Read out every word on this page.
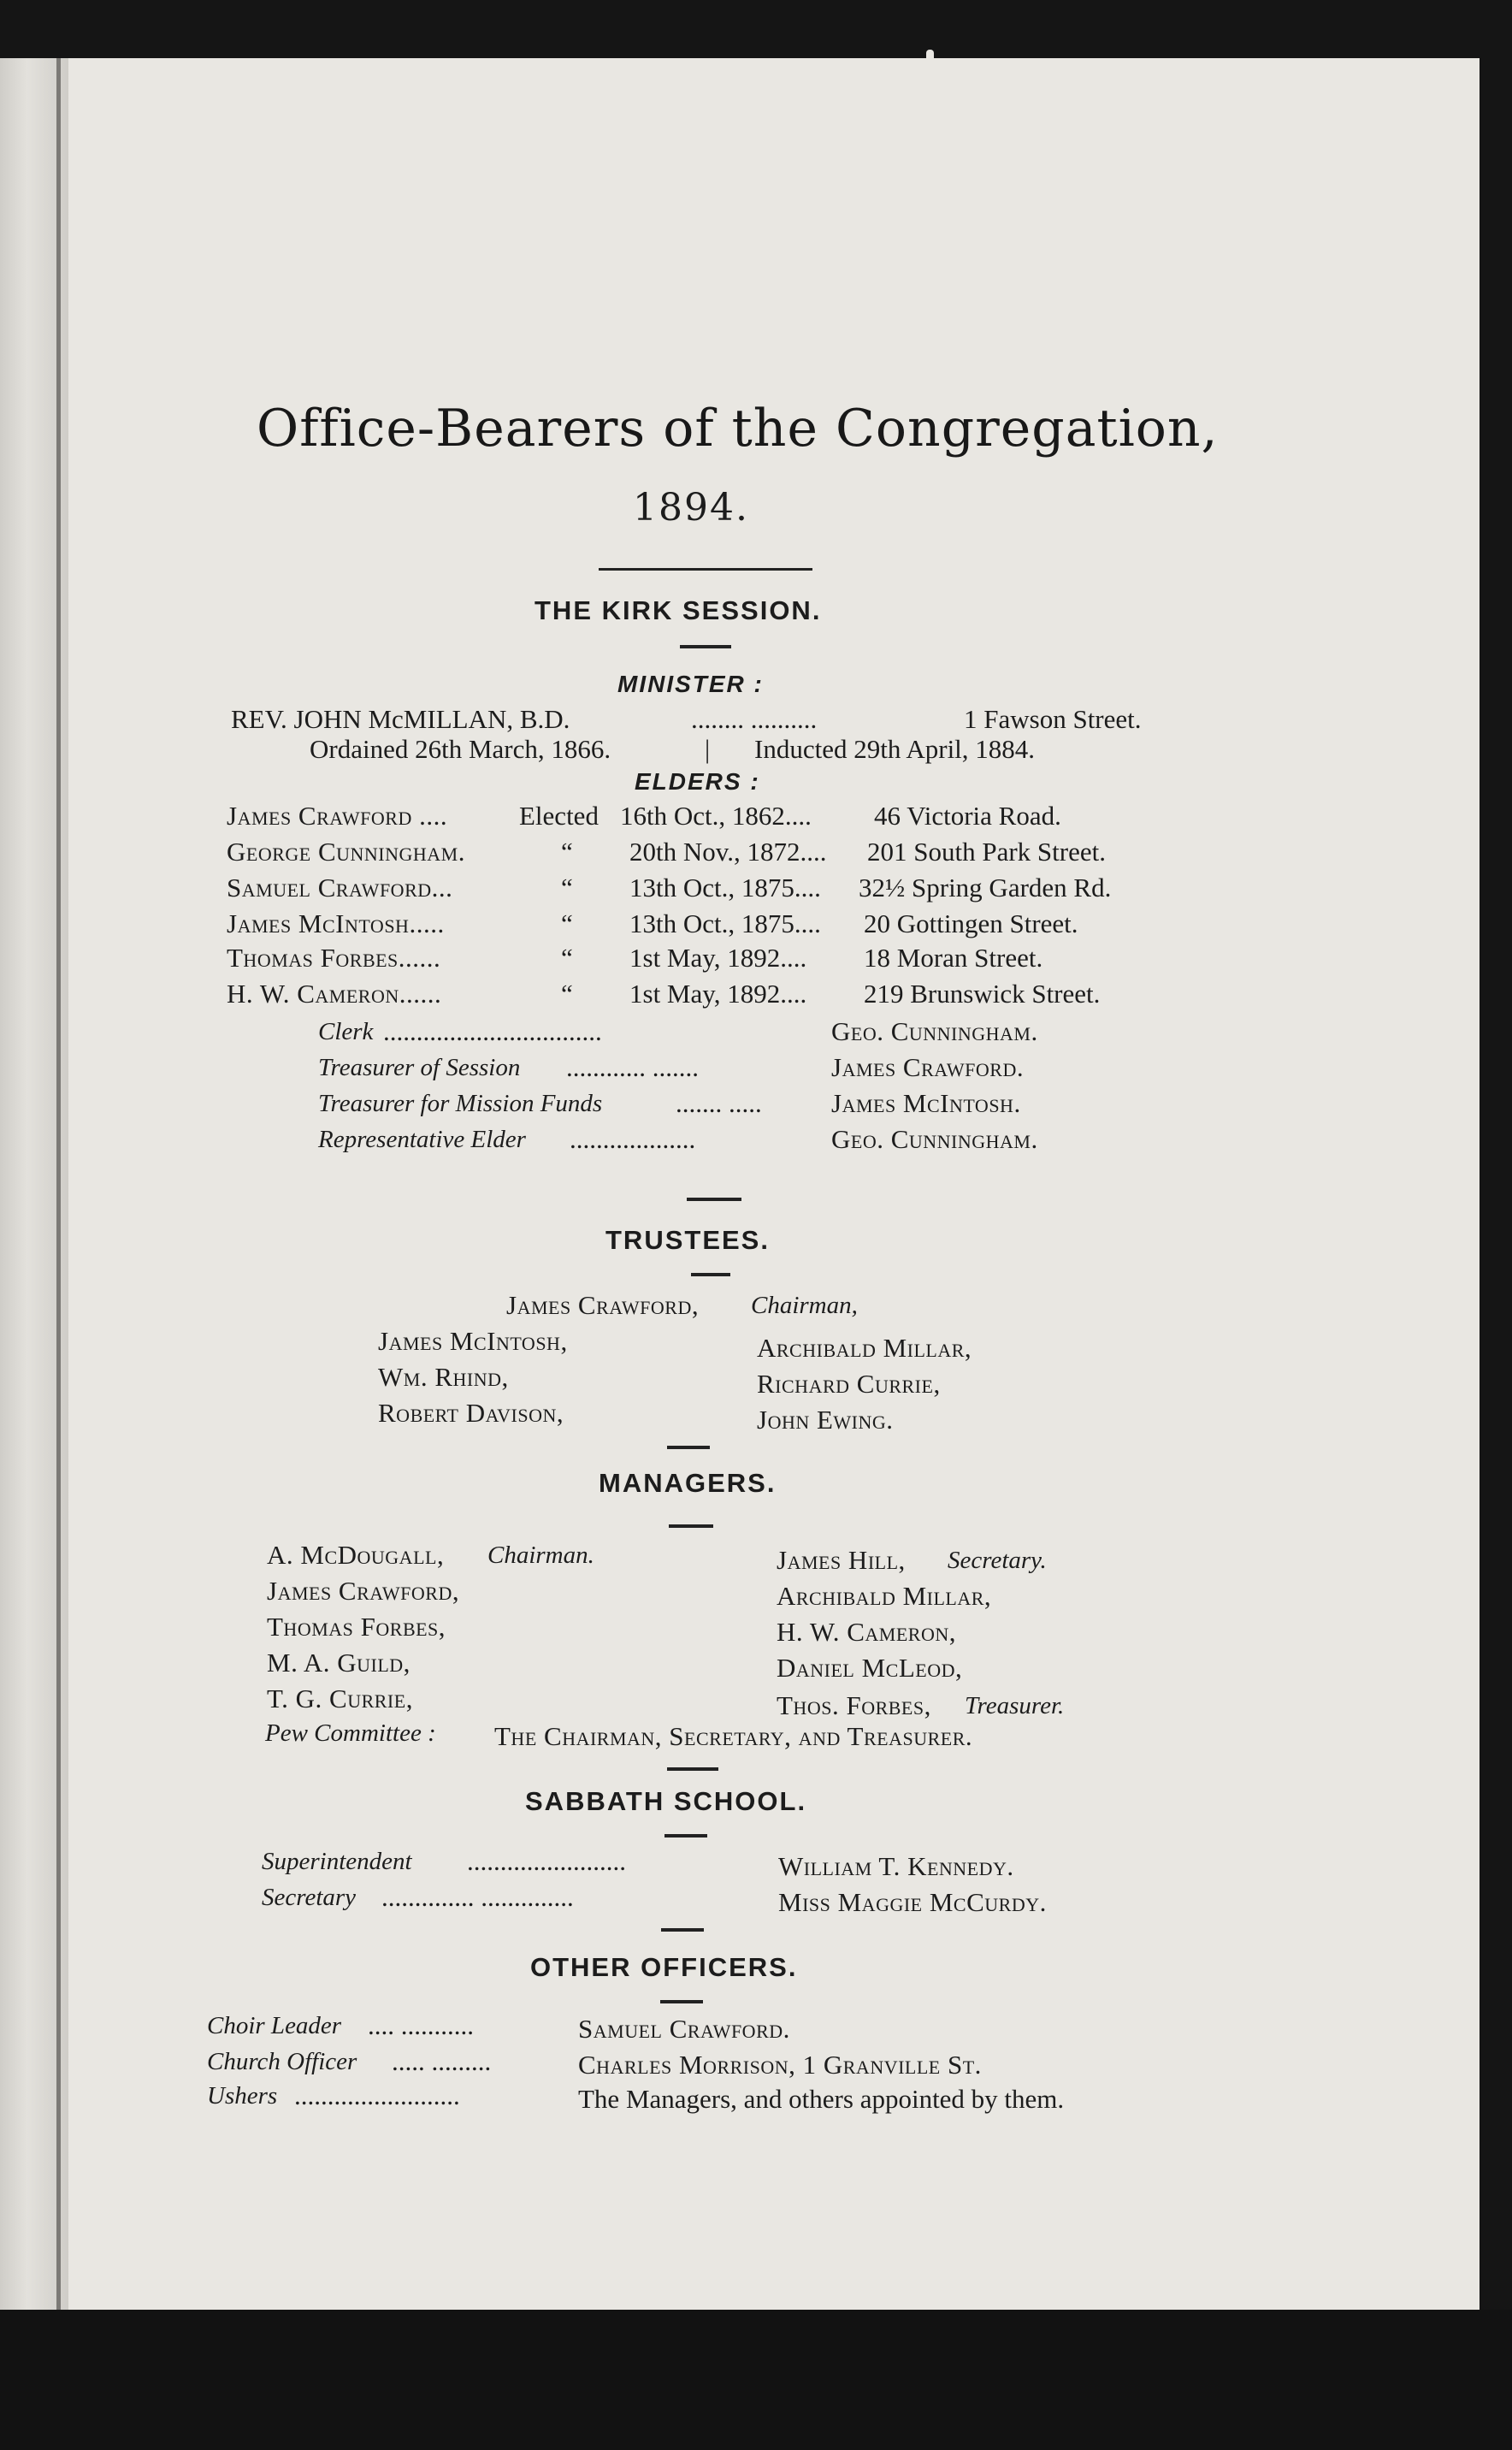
Office-Bearers of the Congregation,
1894.
THE KIRK SESSION.
MINISTER :
REV. JOHN McMILLAN, B.D.	........ ..........	1 Fawson Street.
Ordained 26th March, 1866.	| Inducted 29th April, 1884.
ELDERS :
James Crawford ....	Elected 16th Oct., 1862.... 46 Victoria Road.
George Cunningham.	“ 20th Nov., 1872.... 201 South Park Street.
Samuel Crawford...	“ 13th Oct., 1875.... 32½ Spring Garden Rd.
James McIntosh.....	“ 13th Oct., 1875.... 20 Gottingen Street.
Thomas Forbes......	“ 1st May, 1892.... 18 Moran Street.
H. W. Cameron......	“ 1st May, 1892.... 219 Brunswick Street.
Clerk .................................	Geo. Cunningham.
Treasurer of Session ............ .......	James Crawford.
Treasurer for Mission Funds	....... .....	James McIntosh.
Representative Elder ...................	Geo. Cunningham.
TRUSTEES.
James Crawford, Chairman,
James McIntosh,
Wm. Rhind,
Robert Davison,
Archibald Millar,
Richard Currie,
John Ewing.
MANAGERS.
A. McDougall, Chairman.
James Crawford,
Thomas Forbes,
M. A. Guild,
T. G. Currie,
James Hill, Secretary.
Archibald Millar,
H. W. Cameron,
Daniel McLeod,
Thos. Forbes, Treasurer.
Pew Committee : The Chairman, Secretary, and Treasurer.
SABBATH SCHOOL.
Superintendent ........................	William T. Kennedy.
Secretary .............. ..............	Miss Maggie McCurdy.
OTHER OFFICERS.
Choir Leader .... ...........	Samuel Crawford.
Church Officer ..... .........	Charles Morrison, 1 Granville St.
Ushers .........................	The Managers, and others appointed by them.
